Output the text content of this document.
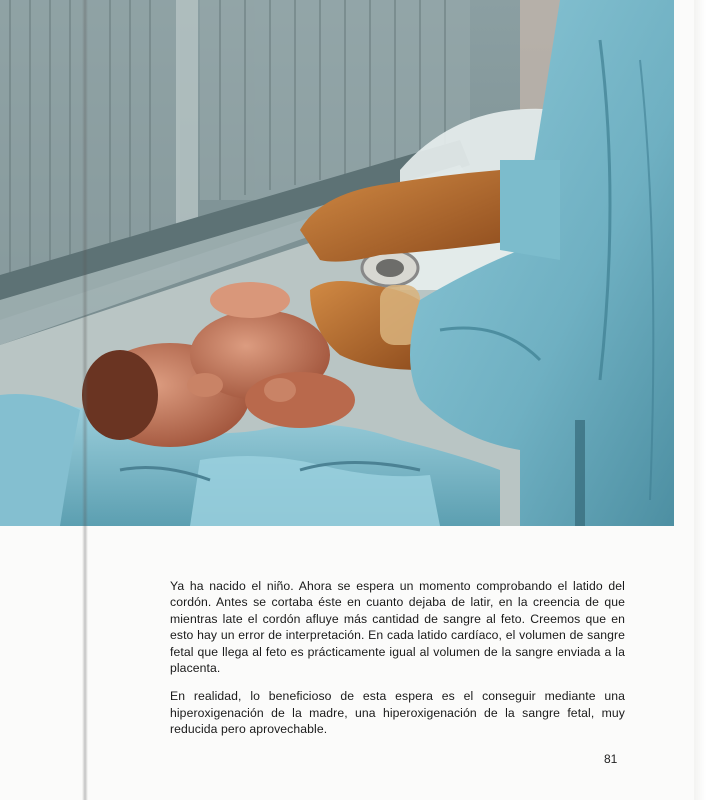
Ya ha nacido el niño. Ahora se espera un momento comprobando el latido del cordón. Antes se cortaba éste en cuanto dejaba de latir, en la creencia de que mientras late el cordón afluye más cantidad de sangre al feto. Creemos que en esto hay un error de interpretación. En cada latido cardíaco, el volumen de sangre fetal que llega al feto es prácticamente igual al volumen de la sangre enviada a la placenta.

En realidad, lo beneficioso de esta espera es el conseguir mediante una hiperoxigenación de la madre, una hiperoxigenación de la sangre fetal, muy reducida pero aprovechable.

81
